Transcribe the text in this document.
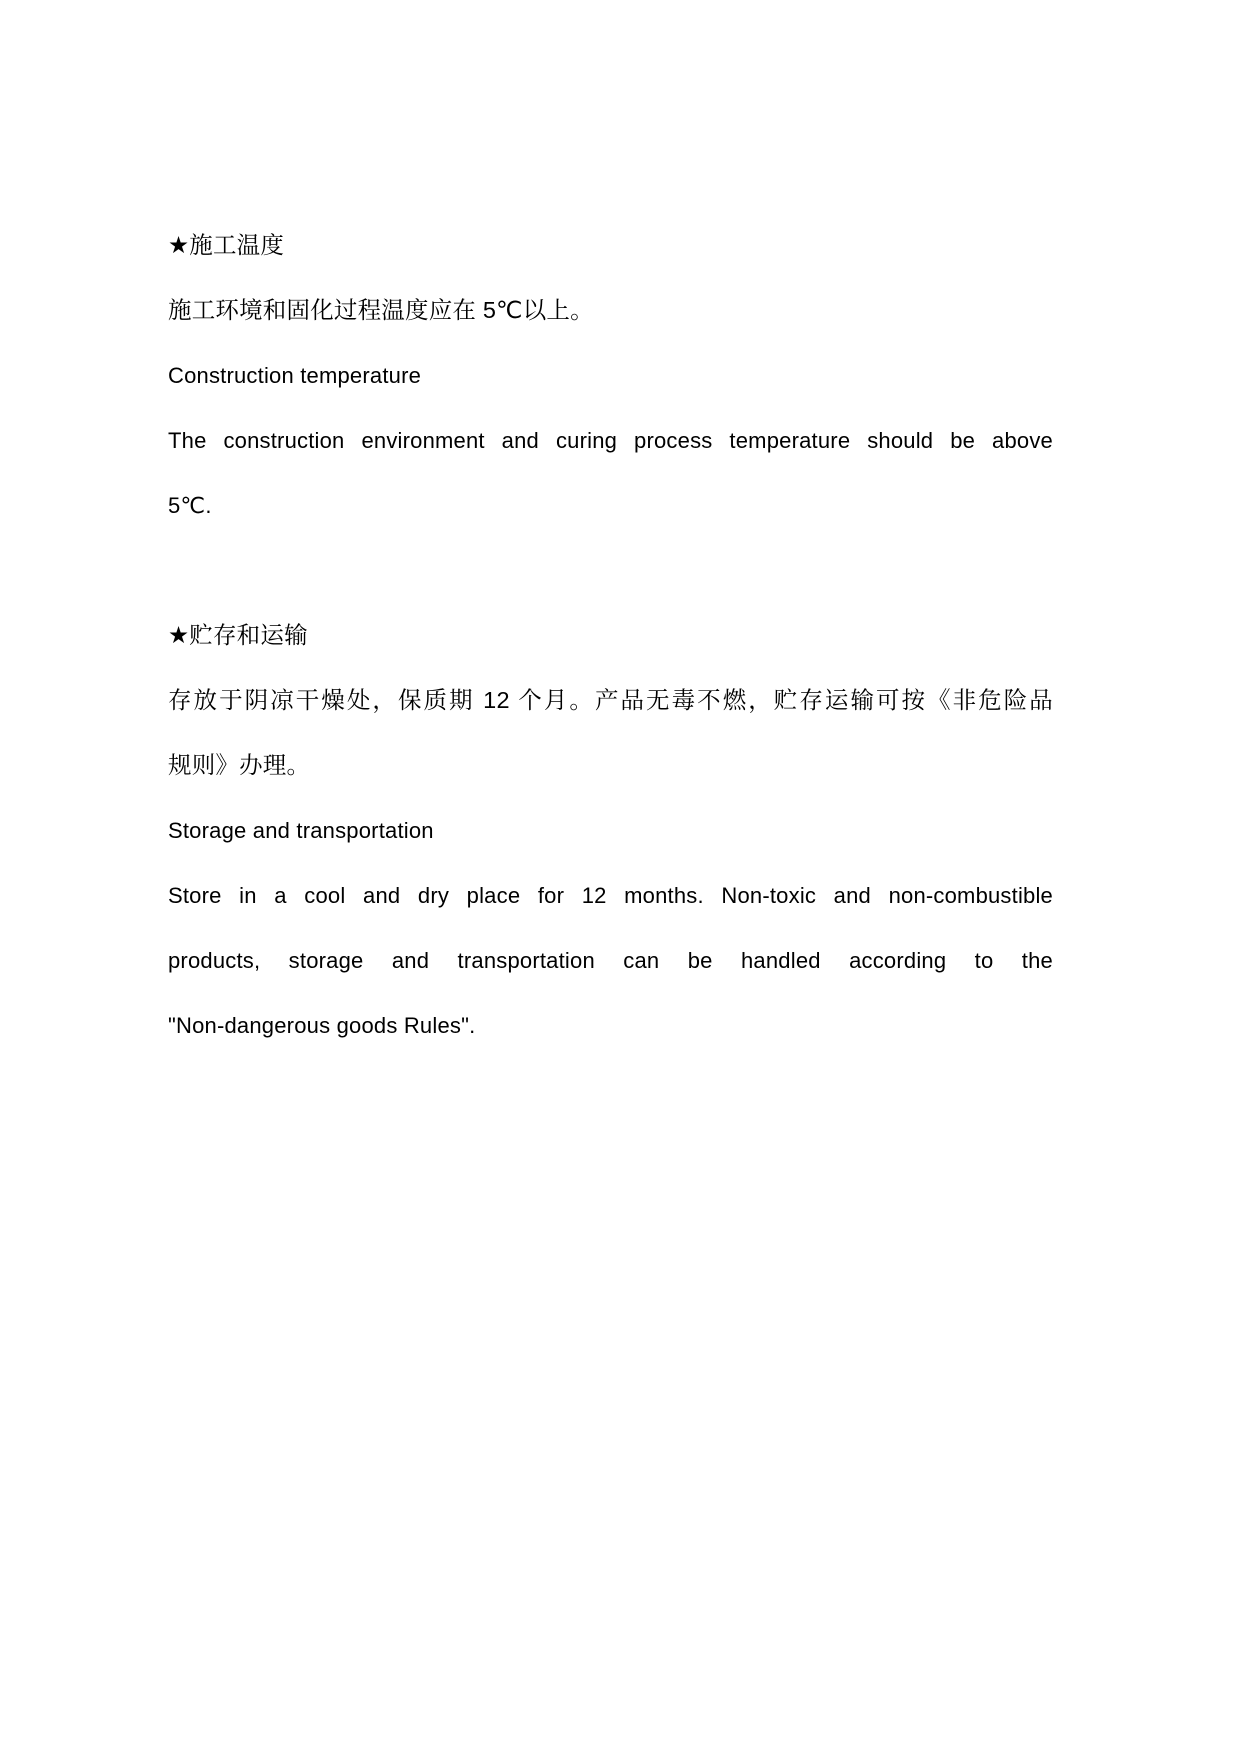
★施工温度

施工环境和固化过程温度应在 5℃以上。

Construction temperature

The construction environment and curing process temperature should be above

5℃.

★贮存和运输

存放于阴凉干燥处，保质期 12 个月。产品无毒不燃，贮存运输可按《非危险品

规则》办理。

Storage and transportation

Store in a cool and dry place for 12 months. Non-toxic and non-combustible

products, storage and transportation can be handled according to the

"Non-dangerous goods Rules".
